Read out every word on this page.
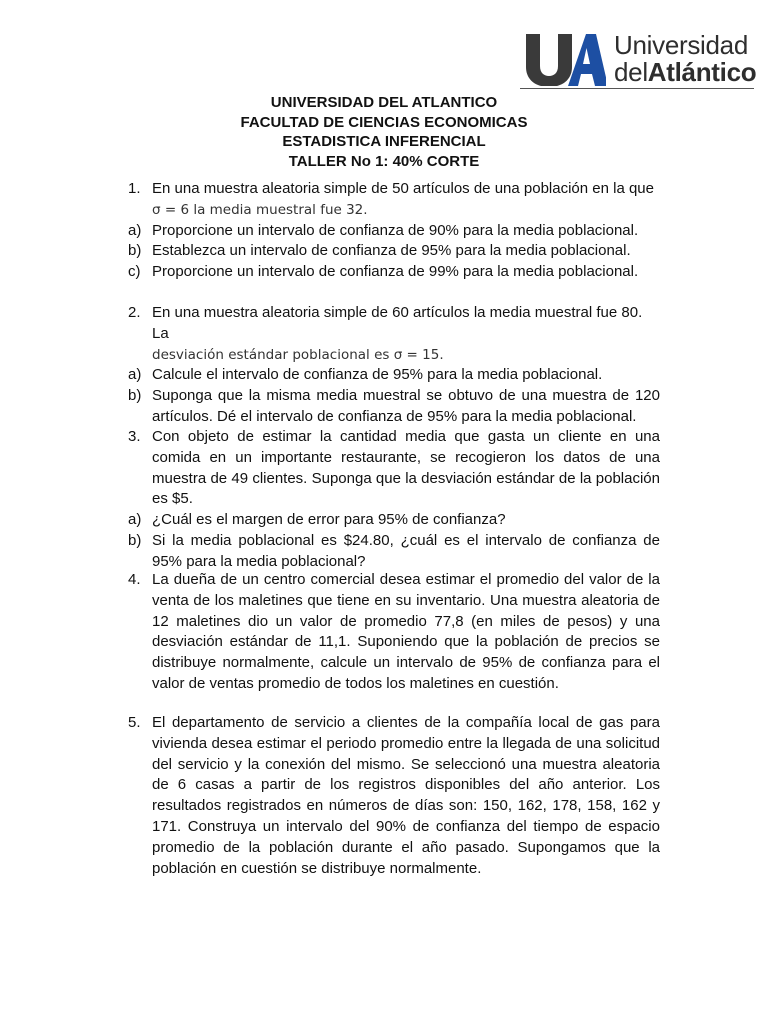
Universidad
delAtlántico
UNIVERSIDAD DEL ATLANTICO
FACULTAD DE CIENCIAS ECONOMICAS
ESTADISTICA INFERENCIAL
TALLER No 1: 40% CORTE
1. En una muestra aleatoria simple de 50 artículos de una población en la que
σ = 6 la media muestral fue 32.
a) Proporcione un intervalo de confianza de 90% para la media poblacional.
b) Establezca un intervalo de confianza de 95% para la media poblacional.
c) Proporcione un intervalo de confianza de 99% para la media poblacional.
2. En una muestra aleatoria simple de 60 artículos la media muestral fue 80. La
desviación estándar poblacional es σ = 15.
a) Calcule el intervalo de confianza de 95% para la media poblacional.
b) Suponga que la misma media muestral se obtuvo de una muestra de 120 artículos. Dé el intervalo de confianza de 95% para la media poblacional.
3. Con objeto de estimar la cantidad media que gasta un cliente en una comida en un importante restaurante, se recogieron los datos de una muestra de 49 clientes. Suponga que la desviación estándar de la población es $5.
a) ¿Cuál es el margen de error para 95% de confianza?
b) Si la media poblacional es $24.80, ¿cuál es el intervalo de confianza de 95% para la media poblacional?
4. La dueña de un centro comercial desea estimar el promedio del valor de la venta de los maletines que tiene en su inventario. Una muestra aleatoria de 12 maletines dio un valor de promedio 77,8 (en miles de pesos) y una desviación estándar de 11,1. Suponiendo que la población de precios se distribuye normalmente, calcule un intervalo de 95% de confianza para el valor de ventas promedio de todos los maletines en cuestión.
5. El departamento de servicio a clientes de la compañía local de gas para vivienda desea estimar el periodo promedio entre la llegada de una solicitud del servicio y la conexión del mismo. Se seleccionó una muestra aleatoria de 6 casas a partir de los registros disponibles del año anterior. Los resultados registrados en números de días son: 150, 162, 178, 158, 162 y 171. Construya un intervalo del 90% de confianza del tiempo de espacio promedio de la población durante el año pasado. Supongamos que la población en cuestión se distribuye normalmente.
